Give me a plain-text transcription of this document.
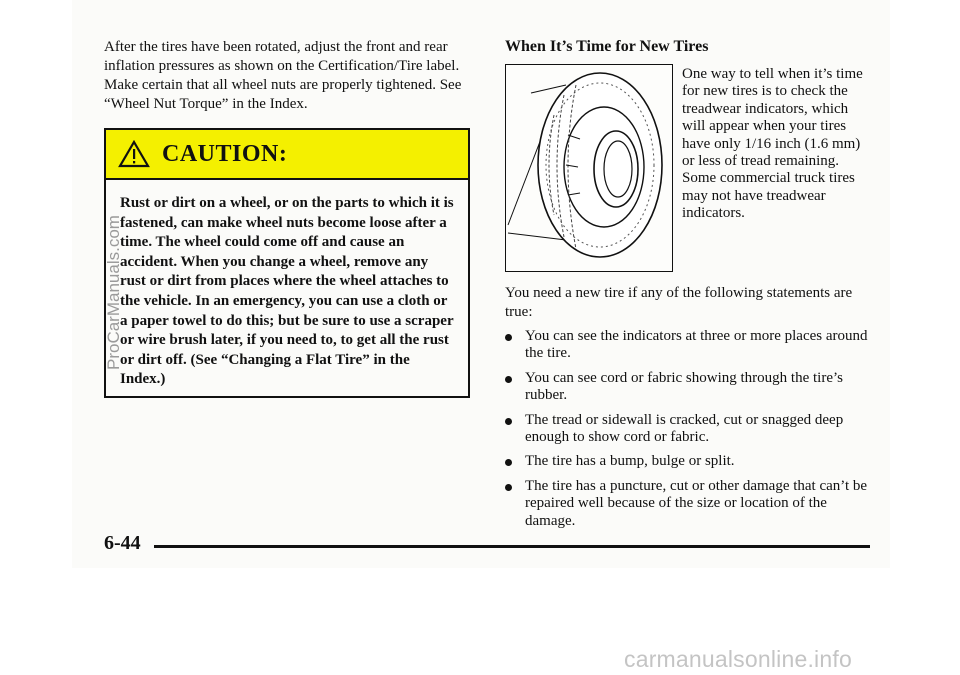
After the tires have been rotated, adjust the front and rear inflation pressures as shown on the Certification/Tire label. Make certain that all wheel nuts are properly tightened. See “Wheel Nut Torque” in the Index.

CAUTION:

Rust or dirt on a wheel, or on the parts to which it is fastened, can make wheel nuts become loose after a time. The wheel could come off and cause an accident. When you change a wheel, remove any rust or dirt from places where the wheel attaches to the vehicle. In an emergency, you can use a cloth or a paper towel to do this; but be sure to use a scraper or wire brush later, if you need to, to get all the rust or dirt off. (See “Changing a Flat Tire” in the Index.)

ProCarManuals.com
When It’s Time for New Tires

One way to tell when it’s time for new tires is to check the treadwear indicators, which will appear when your tires have only 1/16 inch (1.6 mm) or less of tread remaining. Some commercial truck tires may not have treadwear indicators.

You need a new tire if any of the following statements are true:

You can see the indicators at three or more places around the tire.
You can see cord or fabric showing through the tire’s rubber.
The tread or sidewall is cracked, cut or snagged deep enough to show cord or fabric.
The tire has a bump, bulge or split.
The tire has a puncture, cut or other damage that can’t be repaired well because of the size or location of the damage.

6-44

carmanualsonline.info
